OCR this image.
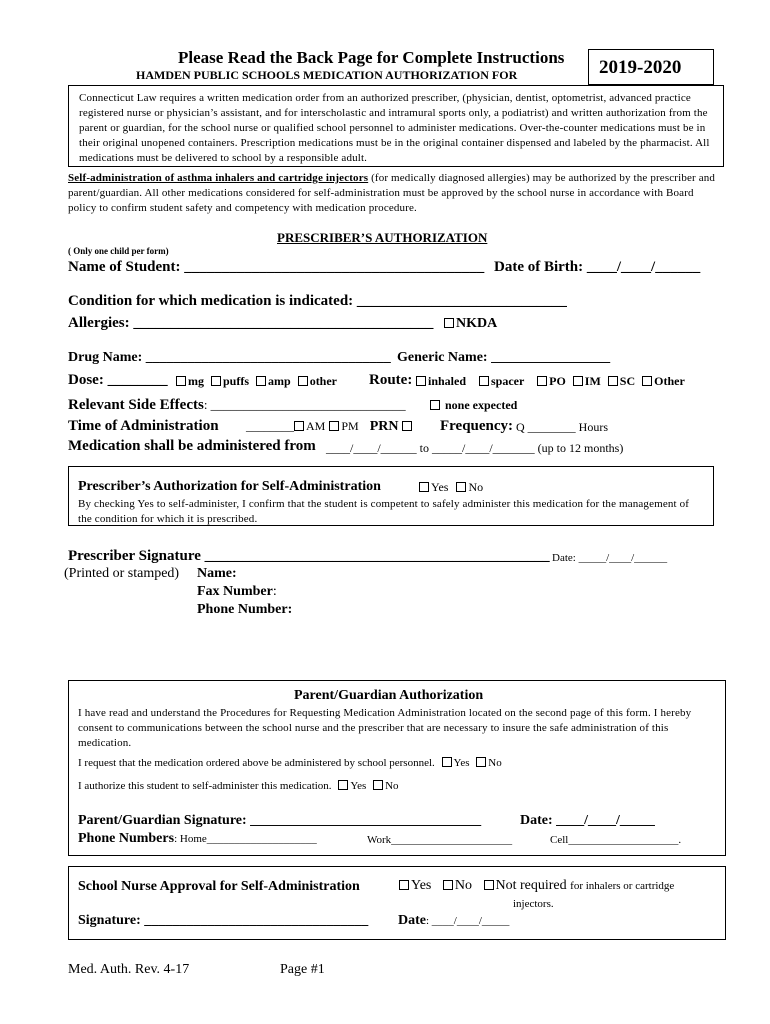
Please Read the Back Page for Complete Instructions
HAMDEN PUBLIC SCHOOLS MEDICATION AUTHORIZATION FOR	2019-2020
Connecticut Law requires a written medication order from an authorized prescriber, (physician, dentist, optometrist, advanced practice registered nurse or physician’s assistant, and for interscholastic and intramural sports only, a podiatrist) and written authorization from the parent or guardian, for the school nurse or qualified school personnel to administer medications. Over-the-counter medications must be in their original unopened containers. Prescription medications must be in the original container dispensed and labeled by the pharmacist. All medications must be delivered to school by a responsible adult.
Self-administration of asthma inhalers and cartridge injectors (for medically diagnosed allergies) may be authorized by the prescriber and parent/guardian. All other medications considered for self-administration must be approved by the school nurse in accordance with Board policy to confirm student safety and competency with medication procedure.
PRESCRIBER’S AUTHORIZATION
( Only one child per form)
Name of Student: ________________________________________ Date of Birth: ____/____/______
Condition for which medication is indicated: ____________________________
Allergies: ________________________________________	NKDA
Drug Name: ___________________________________ Generic Name: _________________
Dose: ________	mg puffs amp other Route:	inhaled spacer PO IM SC Other
Relevant Side Effects: ______________________________	none expected
Time of Administration ________ AM PM PRN	Frequency: Q ________ Hours
Medication shall be administered from ____/____/______ to _____/____/_______ (up to 12 months)
Prescriber’s Authorization for Self-Administration	Yes No
By checking Yes to self-administer, I confirm that the student is competent to safely administer this medication for the management of the condition for which it is prescribed.
Prescriber Signature ______________________________________________ Date: _____/____/______
(Printed or stamped) Name:
Fax Number:
Phone Number:
Parent/Guardian Authorization
I have read and understand the Procedures for Requesting Medication Administration located on the second page of this form. I hereby consent to communications between the school nurse and the prescriber that are necessary to insure the safe administration of this medication.
I request that the medication ordered above be administered by school personnel. Yes No
I authorize this student to self-administer this medication. Yes No
Parent/Guardian Signature: _________________________________	Date: ____/____/_____
Phone Numbers: Home____________________	Work______________________	Cell____________________.
School Nurse Approval for Self-Administration	Yes No Not required for inhalers or cartridge
injectors.
Signature: ________________________________ Date: ____/____/_____
Med. Auth. Rev. 4-17	Page #1
